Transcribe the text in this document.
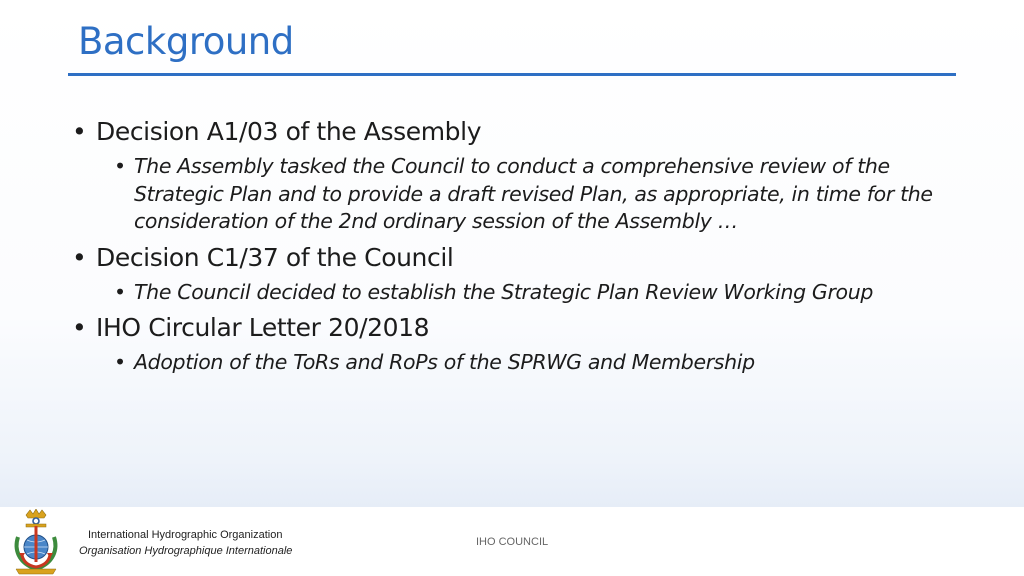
Background
• Decision A1/03 of the Assembly
• The Assembly tasked the Council to conduct a comprehensive review of the Strategic Plan and to provide a draft revised Plan, as appropriate, in time for the consideration of the 2nd ordinary session of the Assembly …
• Decision C1/37 of the Council
• The Council decided to establish the Strategic Plan Review Working Group
• IHO Circular Letter 20/2018
• Adoption of the ToRs and RoPs of the SPRWG and Membership
International Hydrographic Organization
Organisation Hydrographique Internationale
IHO COUNCIL
